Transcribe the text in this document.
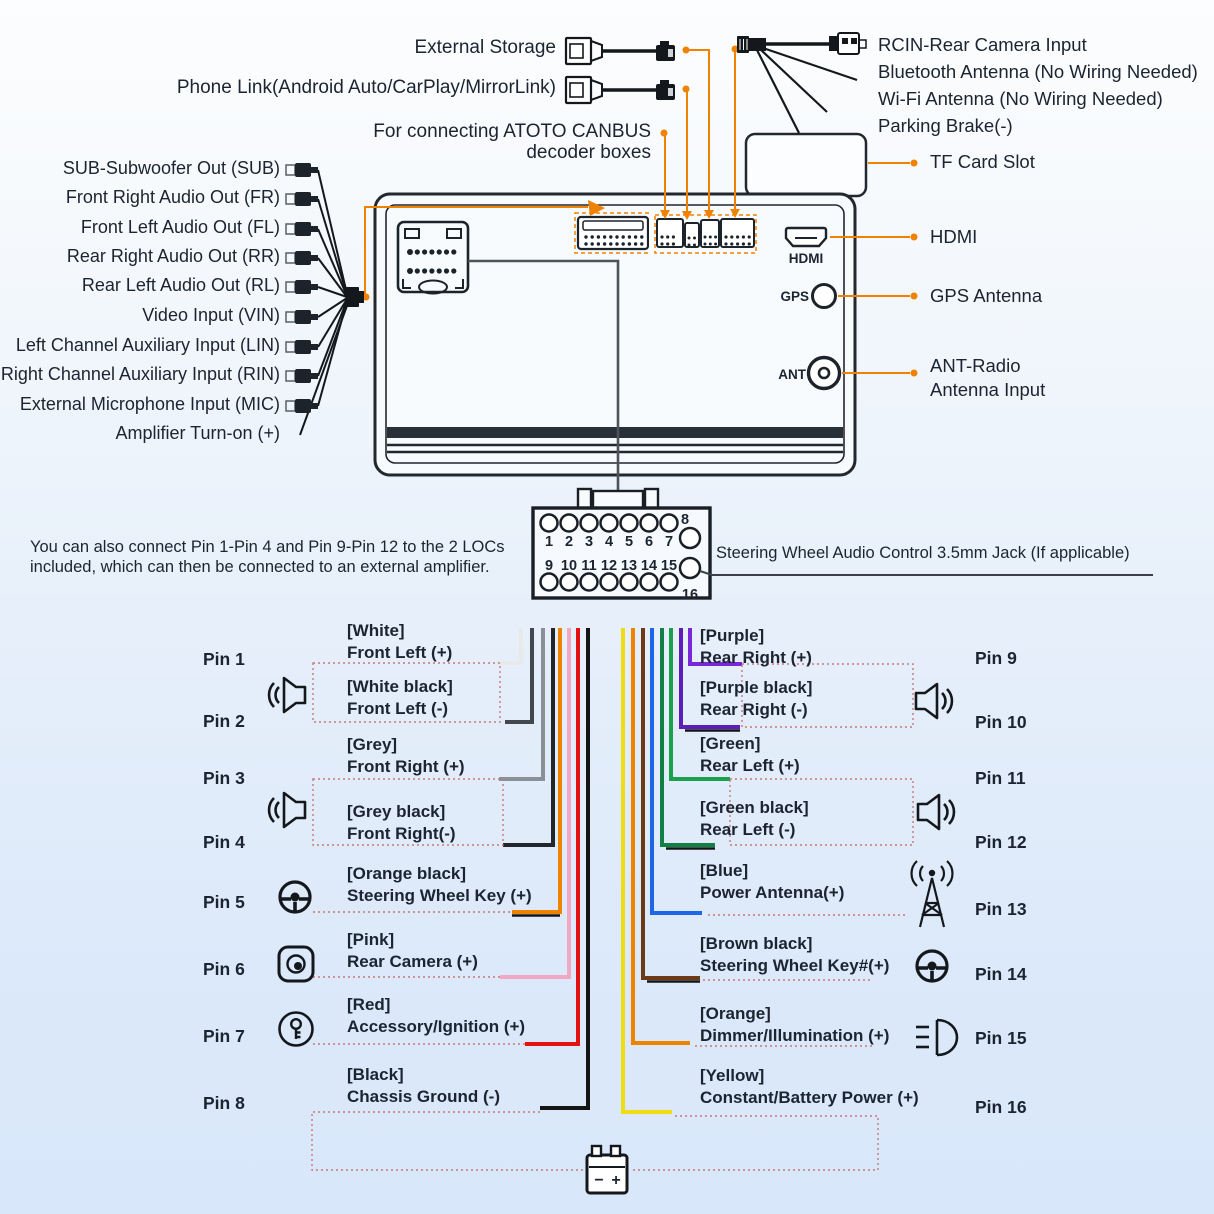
HDMI
GPS
ANT
1 2 3 4 5 6 7
8
9 10 11 12 13 14 15
16
− +
External Storage
Phone Link(Android Auto/CarPlay/MirrorLink)
For connecting ATOTO CANBUS
decoder boxes
RCIN-Rear Camera Input
Bluetooth Antenna (No Wiring Needed)
Wi-Fi Antenna (No Wiring Needed)
Parking Brake(-)
TF Card Slot
HDMI
GPS Antenna
ANT-Radio
Antenna Input
SUB-Subwoofer Out (SUB)
Front Right Audio Out (FR)
Front Left Audio Out (FL)
Rear Right Audio Out (RR)
Rear Left Audio Out (RL)
Video Input (VIN)
Left Channel Auxiliary Input (LIN)
Right Channel Auxiliary Input (RIN)
External Microphone Input (MIC)
Amplifier Turn-on (+)
You can also connect Pin 1-Pin 4 and Pin 9-Pin 12 to the 2 LOCs
included, which can then be connected to an external amplifier.
Steering Wheel Audio Control 3.5mm Jack (If applicable)
Pin 1
Pin 2
Pin 3
Pin 4
Pin 5
Pin 6
Pin 7
Pin 8
[White]
Front Left (+)
[White black]
Front Left (-)
[Grey]
Front Right (+)
[Grey black]
Front Right(-)
[Orange black]
Steering Wheel Key (+)
[Pink]
Rear Camera (+)
[Red]
Accessory/Ignition (+)
[Black]
Chassis Ground (-)
[Purple]
Rear Right (+)
[Purple black]
Rear Right (-)
[Green]
Rear Left (+)
[Green black]
Rear Left (-)
[Blue]
Power Antenna(+)
[Brown black]
Steering Wheel Key#(+)
[Orange]
Dimmer/Illumination (+)
[Yellow]
Constant/Battery Power (+)
Pin 9
Pin 10
Pin 11
Pin 12
Pin 13
Pin 14
Pin 15
Pin 16
